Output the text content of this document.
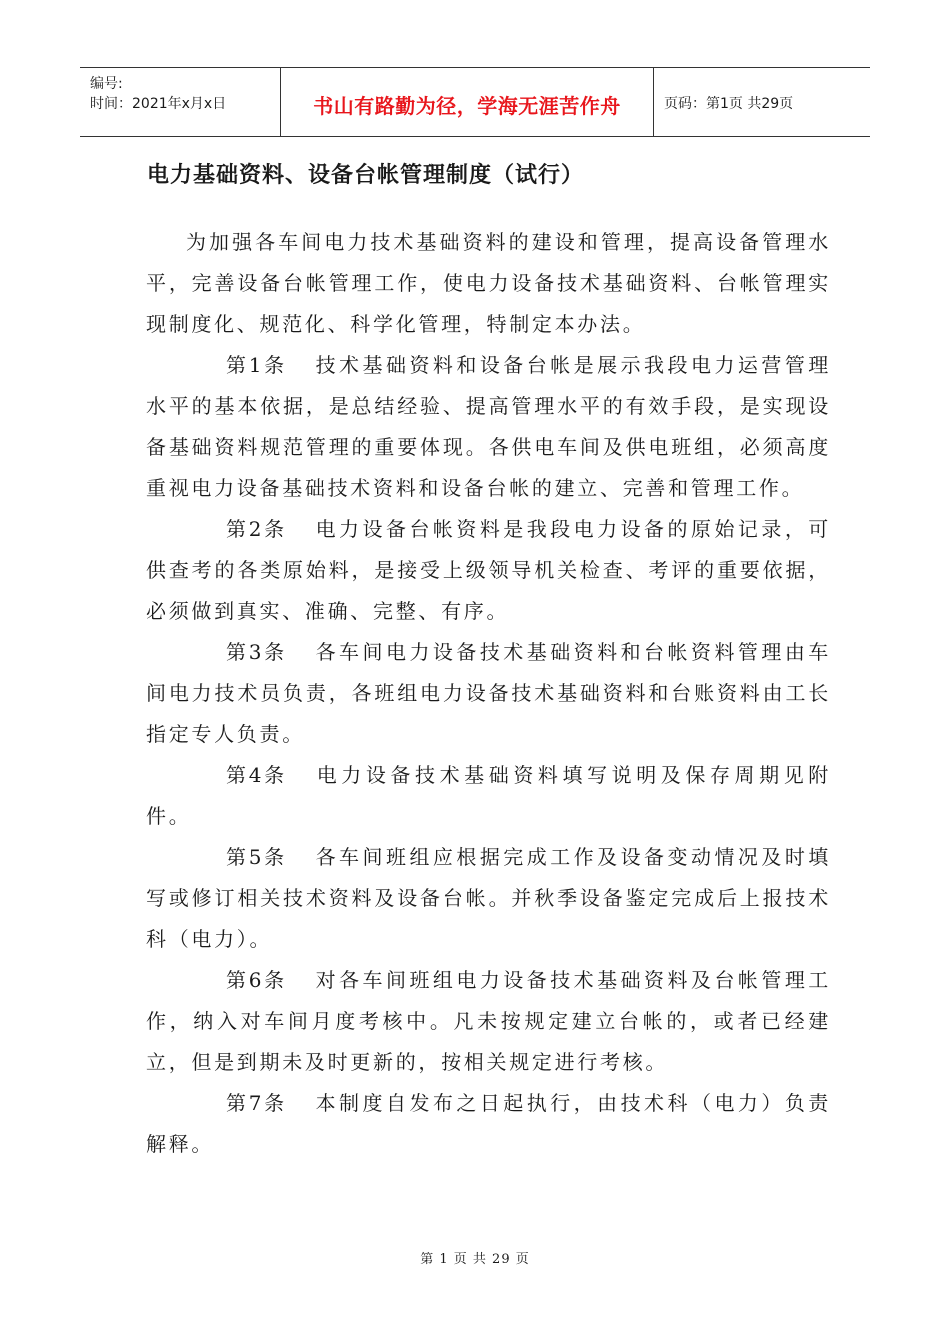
编号:
时间：2021年x月x日	书山有路勤为径，学海无涯苦作舟	页码：第1页 共29页
电力基础资料、设备台帐管理制度（试行）

为加强各车间电力技术基础资料的建设和管理，提高设备管理水平，完善设备台帐管理工作，使电力设备技术基础资料、台帐管理实现制度化、规范化、科学化管理，特制定本办法。

第1条 技术基础资料和设备台帐是展示我段电力运营管理水平的基本依据，是总结经验、提高管理水平的有效手段，是实现设备基础资料规范管理的重要体现。各供电车间及供电班组，必须高度重视电力设备基础技术资料和设备台帐的建立、完善和管理工作。

第2条 电力设备台帐资料是我段电力设备的原始记录，可供查考的各类原始料，是接受上级领导机关检查、考评的重要依据，必须做到真实、准确、完整、有序。

第3条 各车间电力设备技术基础资料和台帐资料管理由车间电力技术员负责，各班组电力设备技术基础资料和台账资料由工长指定专人负责。

第4条 电力设备技术基础资料填写说明及保存周期见附件。

第5条 各车间班组应根据完成工作及设备变动情况及时填写或修订相关技术资料及设备台帐。并秋季设备鉴定完成后上报技术科（电力）。

第6条 对各车间班组电力设备技术基础资料及台帐管理工作，纳入对车间月度考核中。凡未按规定建立台帐的，或者已经建立，但是到期未及时更新的，按相关规定进行考核。

第7条 本制度自发布之日起执行，由技术科（电力）负责解释。

第 1 页 共 29 页
